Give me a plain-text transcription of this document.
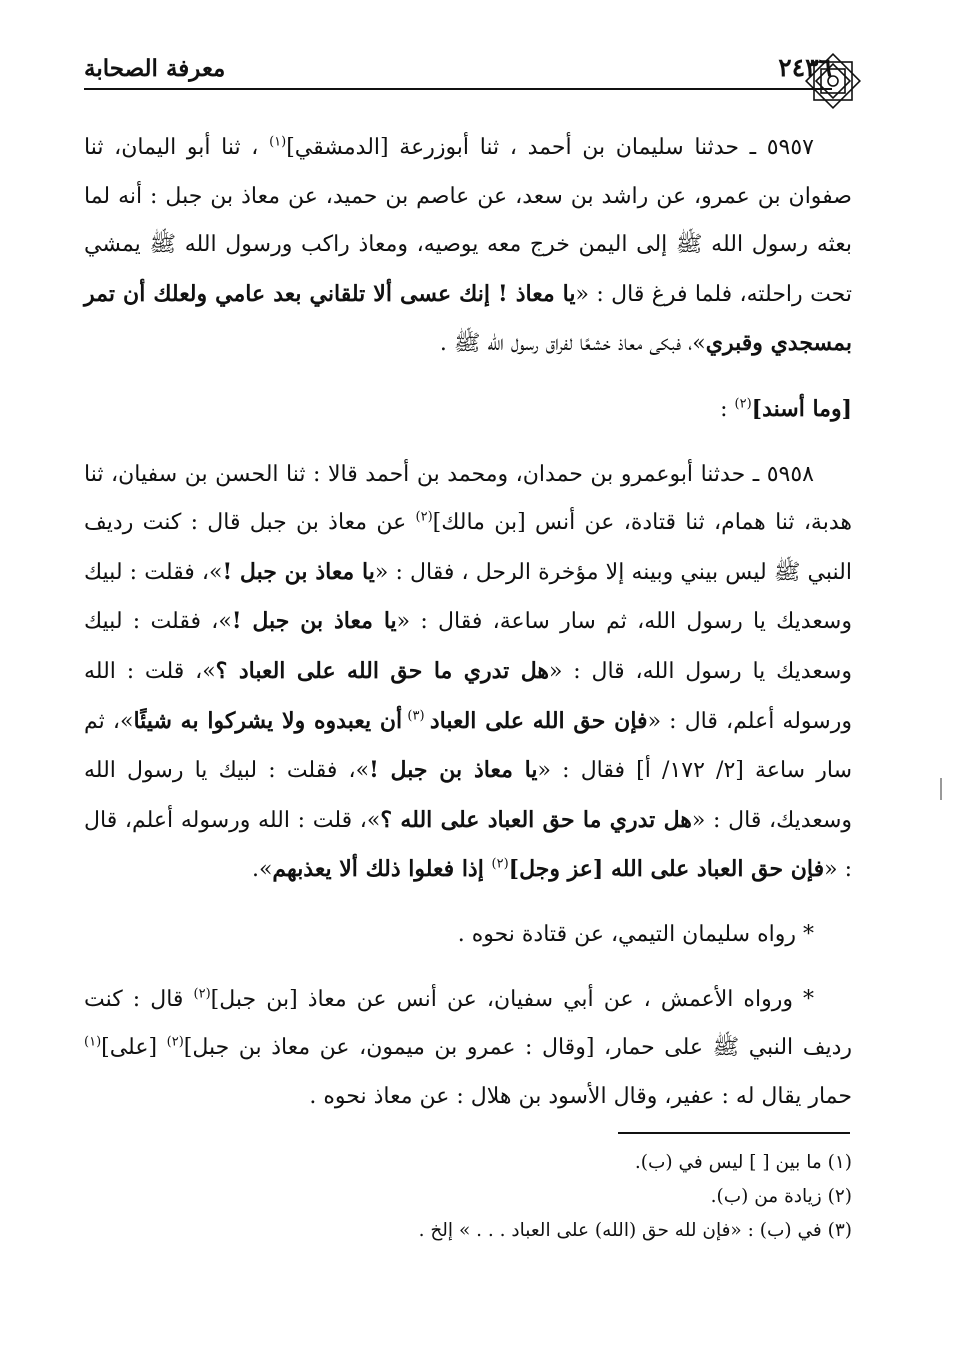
معرفة الصحابة	٢٤٣٦

٥٩٥٧ ـ حدثنا سليمان بن أحمد ، ثنا أبوزرعة [الدمشقي]$^{(١)}$ ، ثنا أبو اليمان، ثنا صفوان بن عمرو، عن راشد بن سعد، عن عاصم بن حميد، عن معاذ بن جبل : أنه لما بعثه رسول الله ﷺ إلى اليمن خرج معه يوصيه، ومعاذ راكب ورسول الله ﷺ يمشي تحت راحلته، فلما فرغ قال : «يا معاذ ! إنك عسى ألا تلقاني بعد عامي ولعلك أن تمر بمسجدي وقبري»، فبكى معاذ خشعًا لفراق رسول الله ﷺ .

[وما أسند]$^{(٢)}$ :

٥٩٥٨ ـ حدثنا أبوعمرو بن حمدان، ومحمد بن أحمد قالا : ثنا الحسن بن سفيان، ثنا هدبة، ثنا همام، ثنا قتادة، عن أنس [بن مالك]$^{(٢)}$ عن معاذ بن جبل قال : كنت رديف النبي ﷺ ليس بيني وبينه إلا مؤخرة الرحل ، فقال : «يا معاذ بن جبل !»، فقلت : لبيك وسعديك يا رسول الله، ثم سار ساعة، فقال : «يا معاذ بن جبل !»، فقلت : لبيك وسعديك يا رسول الله، قال : «هل تدري ما حق الله على العباد ؟»، قلت : الله ورسوله أعلم، قال : «فإن حق الله على العباد $^{(٣)}$ أن يعبدوه ولا يشركوا به شيئًا»، ثم سار ساعة [٢/ ١٧٢/ أ] فقال : «يا معاذ بن جبل !»، فقلت : لبيك يا رسول الله وسعديك، قال : «هل تدري ما حق العباد على الله ؟»، قلت : الله ورسوله أعلم، قال : «فإن حق العباد على الله [عز وجل]$^{(٢)}$ إذا فعلوا ذلك ألا يعذبهم».

* رواه سليمان التيمي، عن قتادة نحوه .

* ورواه الأعمش ، عن أبي سفيان، عن أنس عن معاذ [بن جبل]$^{(٢)}$ قال : كنت رديف النبي ﷺ على حمار، [وقال : عمرو بن ميمون، عن معاذ بن جبل]$^{(٢)}$ [على]$^{(١)}$ حمار يقال له : عفير، وقال الأسود بن هلال : عن معاذ نحوه .

(١) ما بين [ ] ليس في (ب).

(٢) زيادة من (ب).

(٣) في (ب) : «فإن لله حق (الله) على العباد . . . » إلخ .
